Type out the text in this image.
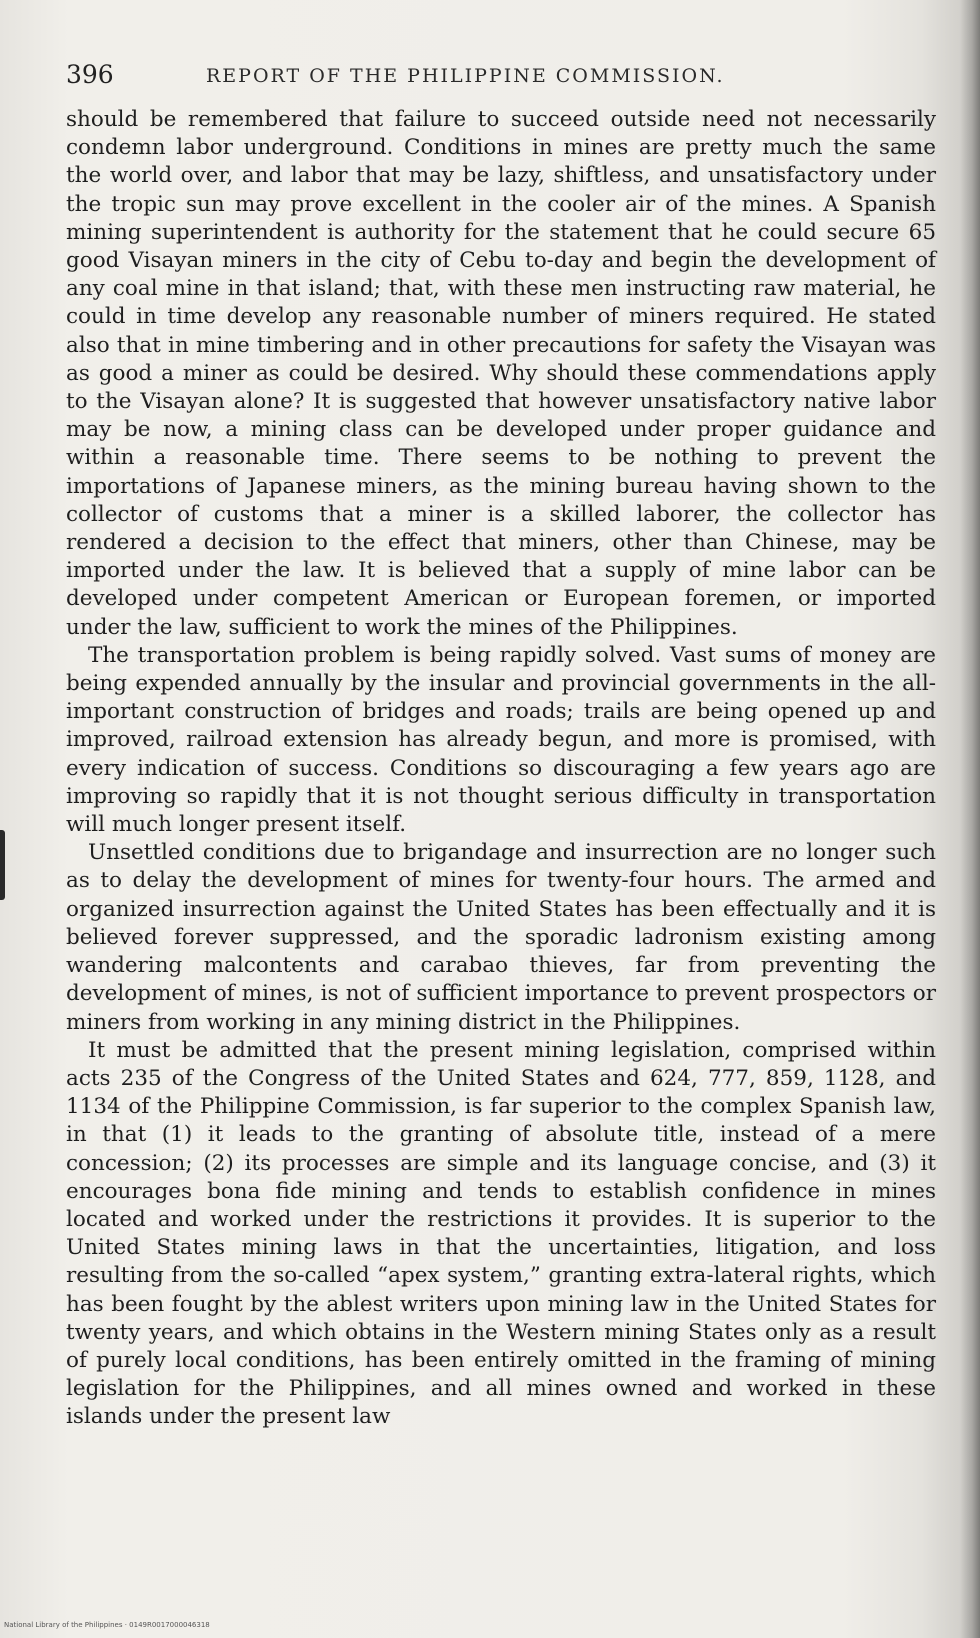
396	REPORT OF THE PHILIPPINE COMMISSION.

should be remembered that failure to succeed outside need not necessarily condemn labor underground. Conditions in mines are pretty much the same the world over, and labor that may be lazy, shiftless, and unsatisfactory under the tropic sun may prove excellent in the cooler air of the mines. A Spanish mining superintendent is authority for the statement that he could secure 65 good Visayan miners in the city of Cebu to-day and begin the development of any coal mine in that island; that, with these men instructing raw material, he could in time develop any reasonable number of miners required. He stated also that in mine timbering and in other precautions for safety the Visayan was as good a miner as could be desired. Why should these commendations apply to the Visayan alone? It is suggested that however unsatisfactory native labor may be now, a mining class can be developed under proper guidance and within a reasonable time. There seems to be nothing to prevent the importations of Japanese miners, as the mining bureau having shown to the collector of customs that a miner is a skilled laborer, the collector has rendered a decision to the effect that miners, other than Chinese, may be imported under the law. It is believed that a supply of mine labor can be developed under competent American or European foremen, or imported under the law, sufficient to work the mines of the Philippines.

The transportation problem is being rapidly solved. Vast sums of money are being expended annually by the insular and provincial governments in the all-important construction of bridges and roads; trails are being opened up and improved, railroad extension has already begun, and more is promised, with every indication of success. Conditions so discouraging a few years ago are improving so rapidly that it is not thought serious difficulty in transportation will much longer present itself.

Unsettled conditions due to brigandage and insurrection are no longer such as to delay the development of mines for twenty-four hours. The armed and organized insurrection against the United States has been effectually and it is believed forever suppressed, and the sporadic ladronism existing among wandering malcontents and carabao thieves, far from preventing the development of mines, is not of sufficient importance to prevent prospectors or miners from working in any mining district in the Philippines.

It must be admitted that the present mining legislation, comprised within acts 235 of the Congress of the United States and 624, 777, 859, 1128, and 1134 of the Philippine Commission, is far superior to the complex Spanish law, in that (1) it leads to the granting of absolute title, instead of a mere concession; (2) its processes are simple and its language concise, and (3) it encourages bona fide mining and tends to establish confidence in mines located and worked under the restrictions it provides. It is superior to the United States mining laws in that the uncertainties, litigation, and loss resulting from the so-called “apex system,” granting extra-lateral rights, which has been fought by the ablest writers upon mining law in the United States for twenty years, and which obtains in the Western mining States only as a result of purely local conditions, has been entirely omitted in the framing of mining legislation for the Philippines, and all mines owned and worked in these islands under the present law

National Library of the Philippines · 0149R0017000046318
